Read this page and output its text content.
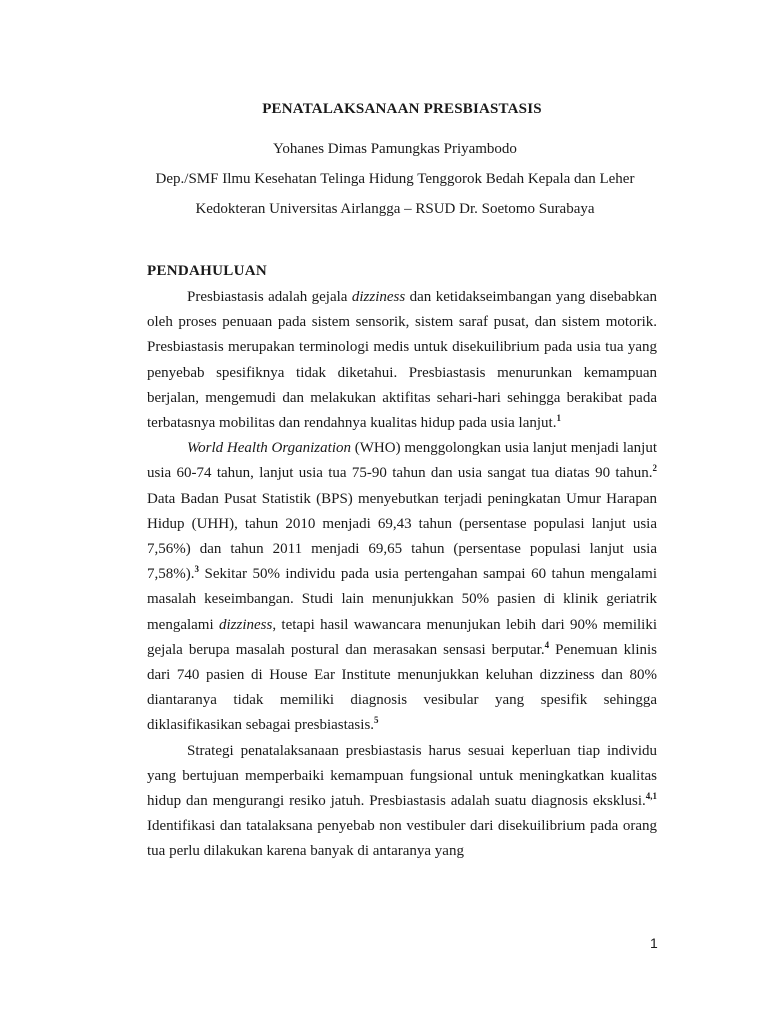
PENATALAKSANAAN PRESBIASTASIS
Yohanes Dimas Pamungkas Priyambodo
Dep./SMF Ilmu Kesehatan Telinga Hidung Tenggorok Bedah Kepala dan Leher
Kedokteran Universitas Airlangga – RSUD Dr. Soetomo Surabaya
PENDAHULUAN

Presbiastasis adalah gejala dizziness dan ketidakseimbangan yang disebabkan oleh proses penuaan pada sistem sensorik, sistem saraf pusat, dan sistem motorik. Presbiastasis merupakan terminologi medis untuk disekuilibrium pada usia tua yang penyebab spesifiknya tidak diketahui. Presbiastasis menurunkan kemampuan berjalan, mengemudi dan melakukan aktifitas sehari-hari sehingga berakibat pada terbatasnya mobilitas dan rendahnya kualitas hidup pada usia lanjut.$^1$

World Health Organization (WHO) menggolongkan usia lanjut menjadi lanjut usia 60-74 tahun, lanjut usia tua 75-90 tahun dan usia sangat tua diatas 90 tahun.$^2$ Data Badan Pusat Statistik (BPS) menyebutkan terjadi peningkatan Umur Harapan Hidup (UHH), tahun 2010 menjadi 69,43 tahun (persentase populasi lanjut usia 7,56%) dan tahun 2011 menjadi 69,65 tahun (persentase populasi lanjut usia 7,58%).$^3$ Sekitar 50% individu pada usia pertengahan sampai 60 tahun mengalami masalah keseimbangan. Studi lain menunjukkan 50% pasien di klinik geriatrik mengalami dizziness, tetapi hasil wawancara menunjukan lebih dari 90% memiliki gejala berupa masalah postural dan merasakan sensasi berputar.$^4$ Penemuan klinis dari 740 pasien di House Ear Institute menunjukkan keluhan dizziness dan 80% diantaranya tidak memiliki diagnosis vesibular yang spesifik sehingga diklasifikasikan sebagai presbiastasis.$^5$

Strategi penatalaksanaan presbiastasis harus sesuai keperluan tiap individu yang bertujuan memperbaiki kemampuan fungsional untuk meningkatkan kualitas hidup dan mengurangi resiko jatuh. Presbiastasis adalah suatu diagnosis eksklusi.$^{4,1}$ Identifikasi dan tatalaksana penyebab non vestibuler dari disekuilibrium pada orang tua perlu dilakukan karena banyak di antaranya yang

1
